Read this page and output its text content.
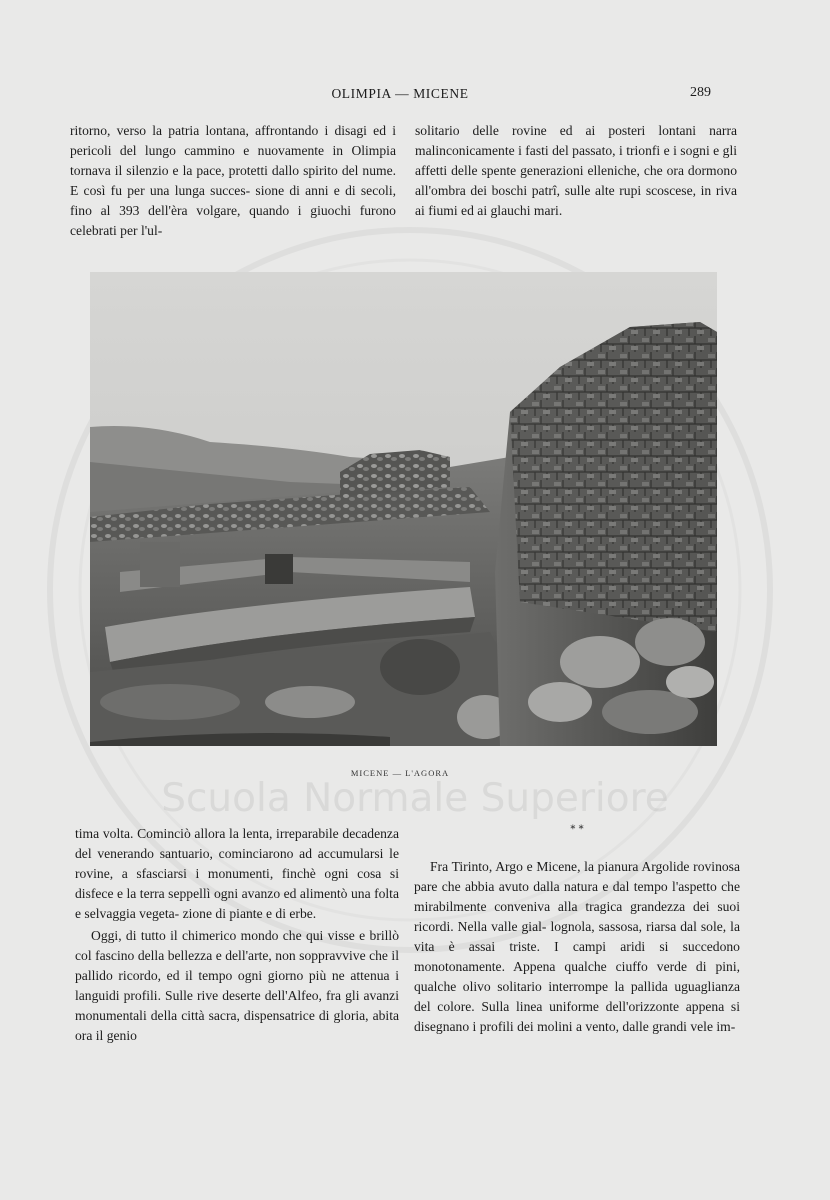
OLIMPIA — MICENE	289

ritorno, verso la patria lontana, affrontando i disagi ed i pericoli del lungo cammino e nuovamente in Olimpia tornava il silenzio e la pace, protetti dallo spirito del nume. E così fu per una lunga succes- sione di anni e di secoli, fino al 393 dell'èra volgare, quando i giuochi furono celebrati per l'ul-

solitario delle rovine ed ai posteri lontani narra malinconicamente i fasti del passato, i trionfi e i sogni e gli affetti delle spente generazioni elleniche, che ora dormono all'ombra dei boschi patrî, sulle alte rupi scoscese, in riva ai fiumi ed ai glauchi mari.

MICENE — L'AGORA
Scuola Normale Superiore

tima volta. Cominciò allora la lenta, irreparabile decadenza del venerando santuario, cominciarono ad accumularsi le rovine, a sfasciarsi i monumenti, finchè ogni cosa si disfece e la terra seppellì ogni avanzo ed alimentò una folta e selvaggia vegeta- zione di piante e di erbe.

Oggi, di tutto il chimerico mondo che qui visse e brillò col fascino della bellezza e dell'arte, non soppravvive che il pallido ricordo, ed il tempo ogni giorno più ne attenua i languidi profili. Sulle rive deserte dell'Alfeo, fra gli avanzi monumentali della città sacra, dispensatrice di gloria, abita ora il genio

* *

Fra Tirinto, Argo e Micene, la pianura Argolide rovinosa pare che abbia avuto dalla natura e dal tempo l'aspetto che mirabilmente conveniva alla tragica grandezza dei suoi ricordi. Nella valle gial- lognola, sassosa, riarsa dal sole, la vita è assai triste. I campi aridi si succedono monotonamente. Appena qualche ciuffo verde di pini, qualche olivo solitario interrompe la pallida uguaglianza del colore. Sulla linea uniforme dell'orizzonte appena si disegnano i profili dei molini a vento, dalle grandi vele im-
